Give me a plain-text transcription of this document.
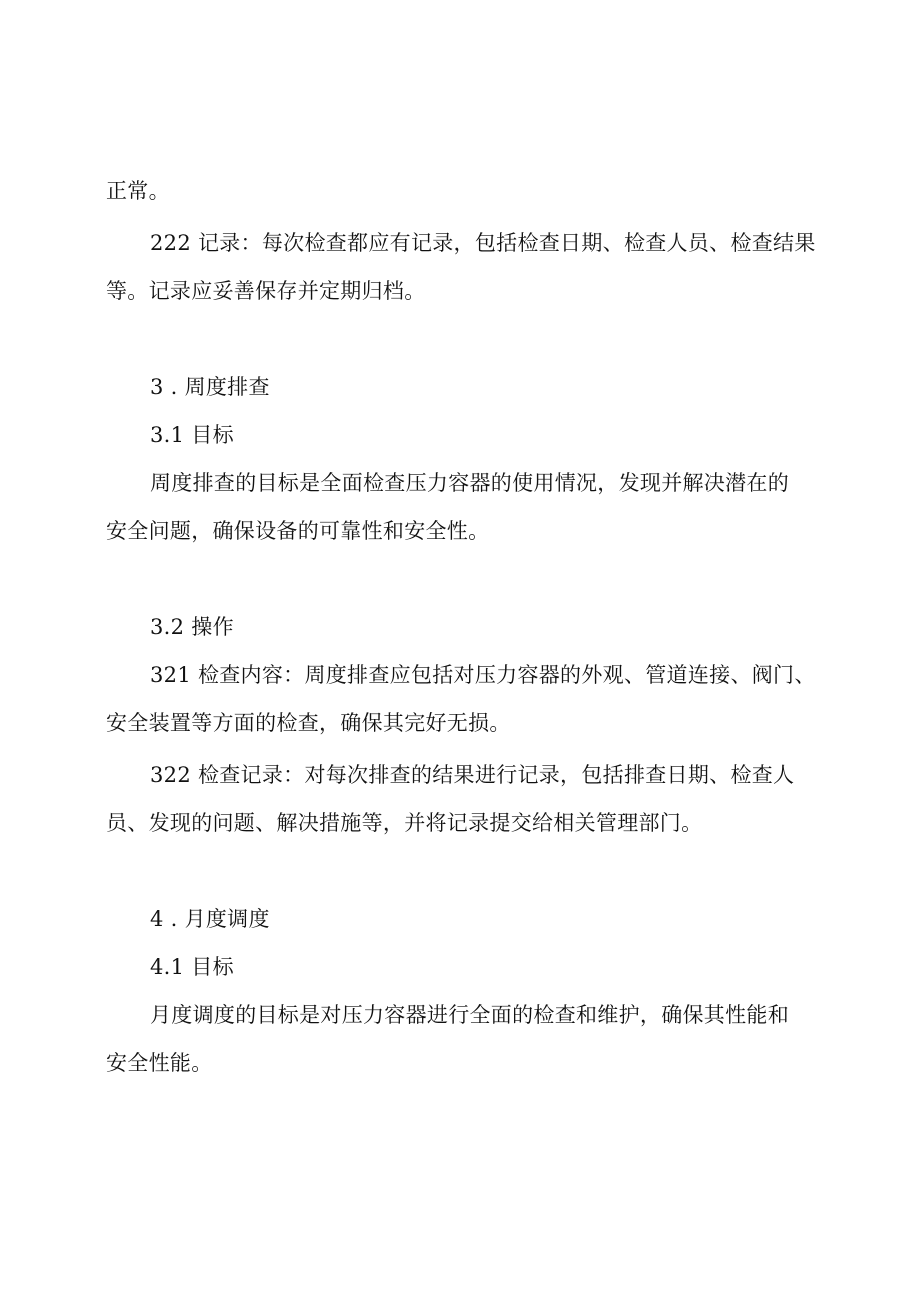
正常。
222 记录：每次检查都应有记录，包括检查日期、检查人员、检查结果
等。记录应妥善保存并定期归档。
3 . 周度排查
3.1 目标
周度排查的目标是全面检查压力容器的使用情况，发现并解决潜在的
安全问题，确保设备的可靠性和安全性。
3.2 操作
321 检查内容：周度排查应包括对压力容器的外观、管道连接、阀门、
安全装置等方面的检查，确保其完好无损。
322 检查记录：对每次排查的结果进行记录，包括排查日期、检查人
员、发现的问题、解决措施等，并将记录提交给相关管理部门。
4 . 月度调度
4.1 目标
月度调度的目标是对压力容器进行全面的检查和维护，确保其性能和
安全性能。
